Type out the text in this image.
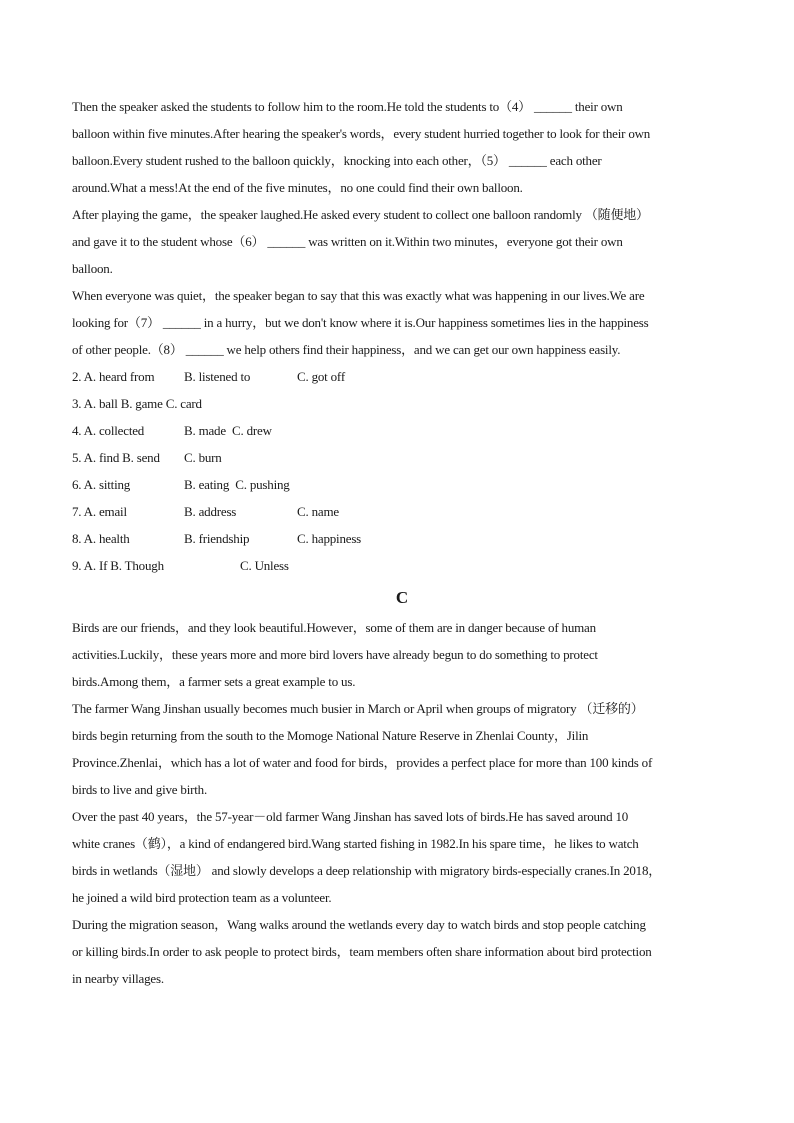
Then the speaker asked the students to follow him to the room.He told the students to（4） ______ their own
balloon within five minutes.After hearing the speaker's words，every student hurried together to look for their own
balloon.Every student rushed to the balloon quickly，knocking into each other，（5） ______ each other
around.What a mess!At the end of the five minutes，no one could find their own balloon.
After playing the game，the speaker laughed.He asked every student to collect one balloon randomly （随便地）
and gave it to the student whose（6） ______ was written on it.Within two minutes，everyone got their own
balloon.
When everyone was quiet，the speaker began to say that this was exactly what was happening in our lives.We are
looking for（7） ______ in a hurry，but we don't know where it is.Our happiness sometimes lies in the happiness
of other people.（8） ______ we help others find their happiness，and we can get our own happiness easily.
2. A. heard from B. listened to	C. got off
3. A. ball B. game C. card
4. A. collected	B. made C. drew
5. A. find B. send C. burn
6. A. sitting	B. eating C. pushing
7. A. email	B. address	C. name
8. A. health	B. friendship	C. happiness
9. A. If B. Though	C. Unless
C
Birds are our friends，and they look beautiful.However，some of them are in danger because of human
activities.Luckily，these years more and more bird lovers have already begun to do something to protect
birds.Among them，a farmer sets a great example to us.
The farmer Wang Jinshan usually becomes much busier in March or April when groups of migratory （迁移的）
birds begin returning from the south to the Momoge National Nature Reserve in Zhenlai County，Jilin
Province.Zhenlai，which has a lot of water and food for birds，provides a perfect place for more than 100 kinds of
birds to live and give birth.
Over the past 40 years，the 57-year－old farmer Wang Jinshan has saved lots of birds.He has saved around 10
white cranes（鹤），a kind of endangered bird.Wang started fishing in 1982.In his spare time，he likes to watch
birds in wetlands（湿地） and slowly develops a deep relationship with migratory birds-especially cranes.In 2018，
he joined a wild bird protection team as a volunteer.
During the migration season，Wang walks around the wetlands every day to watch birds and stop people catching
or killing birds.In order to ask people to protect birds，team members often share information about bird protection
in nearby villages.
